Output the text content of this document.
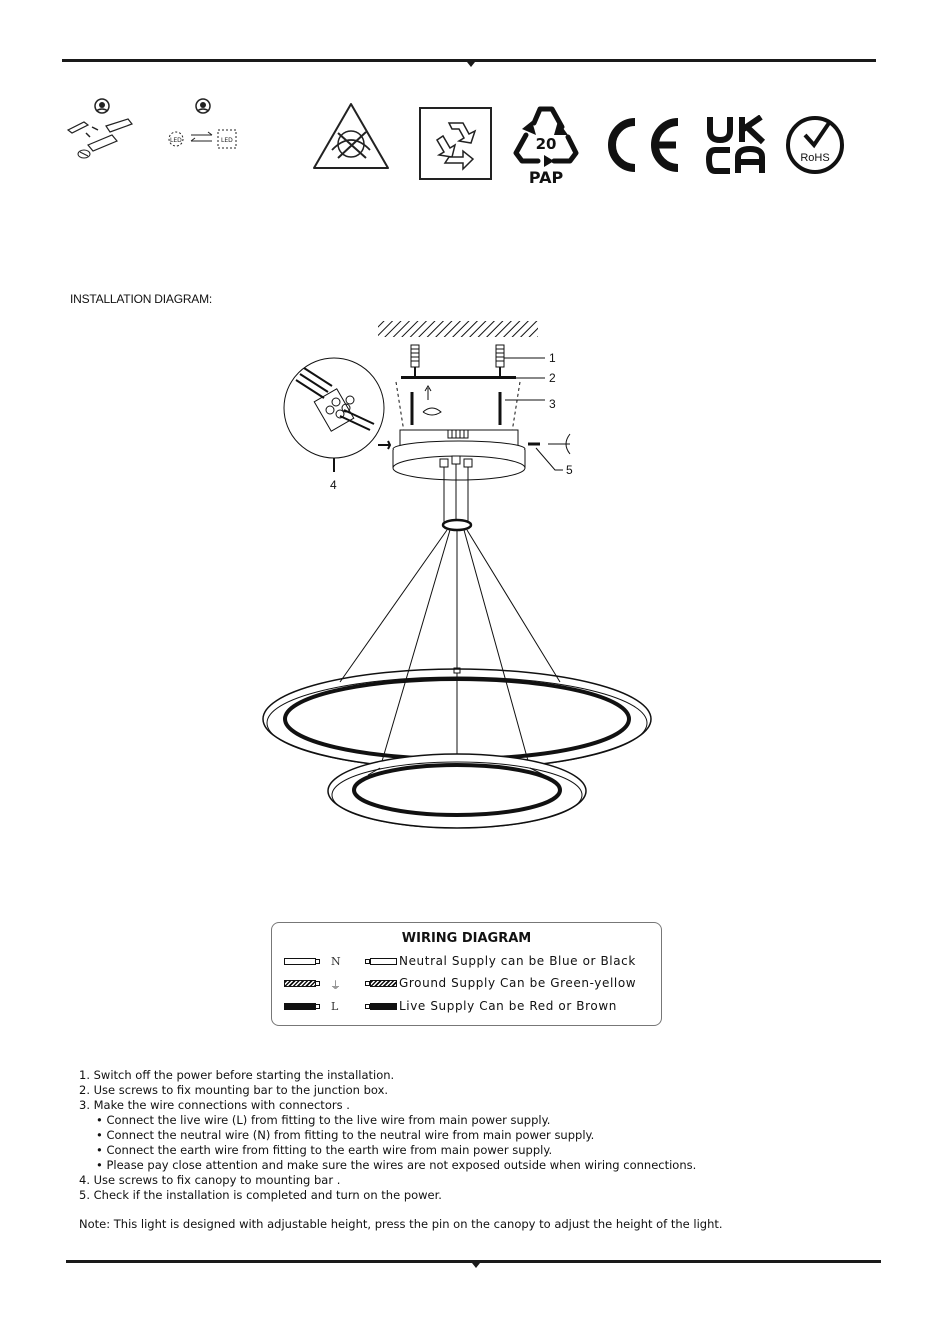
LED	LED	20
PAP
RoHS
INSTALLATION DIAGRAM:
1
2
3
4
5
WIRING DIAGRAM
N	Neutral Supply can be Blue or Black
⏚	Ground Supply Can be Green-yellow
L	Live Supply Can be Red or Brown
1. Switch off the power before starting the installation.
2. Use screws to fix mounting bar to the junction box.
3. Make the wire connections with connectors .
• Connect the live wire (L) from fitting to the live wire from main power supply.
• Connect the neutral wire (N) from fitting to the neutral wire from main power supply.
• Connect the earth wire from fitting to the earth wire from main power supply.
• Please pay close attention and make sure the wires are not exposed outside when wiring connections.
4. Use screws to fix canopy to mounting bar .
5. Check if the installation is completed and turn on the power.
Note: This light is designed with adjustable height, press the pin on the canopy to adjust the height of the light.
